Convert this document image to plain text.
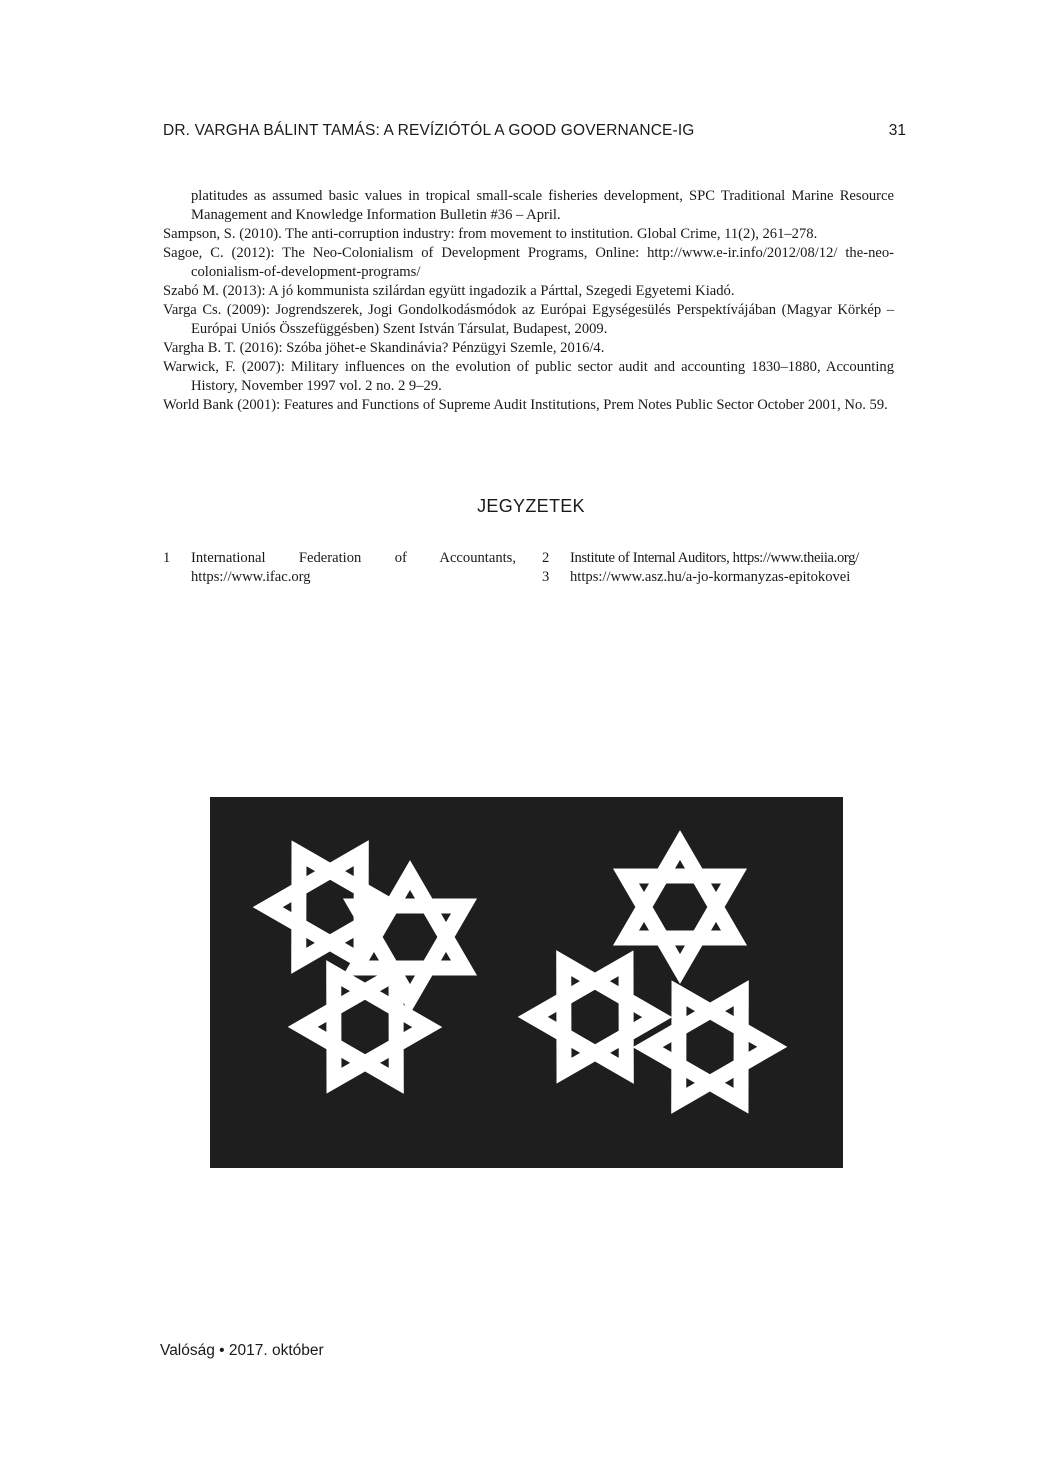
DR. VARGHA BÁLINT TAMÁS: A REVÍZIÓTÓL A GOOD GOVERNANCE-IG	31

platitudes as assumed basic values in tropical small-scale fisheries development, SPC Traditional Marine Resource Management and Knowledge Information Bulletin #36 – April.

Sampson, S. (2010). The anti-corruption industry: from movement to institution. Global Crime, 11(2), 261–278.

Sagoe, C. (2012): The Neo-Colonialism of Development Programs, Online: http://www.e-ir.info/2012/08/12/ the-neo-colonialism-of-development-programs/

Szabó M. (2013): A jó kommunista szilárdan együtt ingadozik a Párttal, Szegedi Egyetemi Kiadó.

Varga Cs. (2009): Jogrendszerek, Jogi Gondolkodásmódok az Európai Egységesülés Perspektívájában (Magyar Körkép – Európai Uniós Összefüggésben) Szent István Társulat, Budapest, 2009.

Vargha B. T. (2016): Szóba jöhet-e Skandinávia? Pénzügyi Szemle, 2016/4.

Warwick, F. (2007): Military influences on the evolution of public sector audit and accounting 1830–1880, Accounting History, November 1997 vol. 2 no. 2 9–29.

World Bank (2001): Features and Functions of Supreme Audit Institutions, Prem Notes Public Sector October 2001, No. 59.

JEGYZETEK
1 International Federation of Accountants,
https://www.ifac.org
2 Institute of Internal Auditors, https://www.theiia.org/
3 https://www.asz.hu/a-jo-kormanyzas-epitokovei
Valóság • 2017. október
